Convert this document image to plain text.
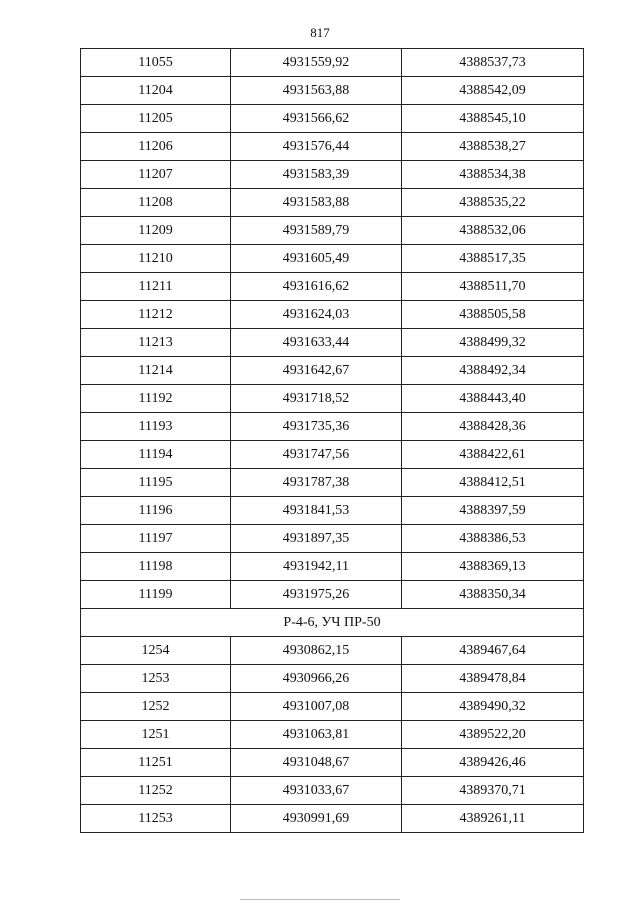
817
11055	4931559,92	4388537,73
11204	4931563,88	4388542,09
11205	4931566,62	4388545,10
11206	4931576,44	4388538,27
11207	4931583,39	4388534,38
11208	4931583,88	4388535,22
11209	4931589,79	4388532,06
11210	4931605,49	4388517,35
11211	4931616,62	4388511,70
11212	4931624,03	4388505,58
11213	4931633,44	4388499,32
11214	4931642,67	4388492,34
11192	4931718,52	4388443,40
11193	4931735,36	4388428,36
11194	4931747,56	4388422,61
11195	4931787,38	4388412,51
11196	4931841,53	4388397,59
11197	4931897,35	4388386,53
11198	4931942,11	4388369,13
11199	4931975,26	4388350,34
Р-4-6, УЧ ПР-50		
1254	4930862,15	4389467,64
1253	4930966,26	4389478,84
1252	4931007,08	4389490,32
1251	4931063,81	4389522,20
11251	4931048,67	4389426,46
11252	4931033,67	4389370,71
11253	4930991,69	4389261,11
